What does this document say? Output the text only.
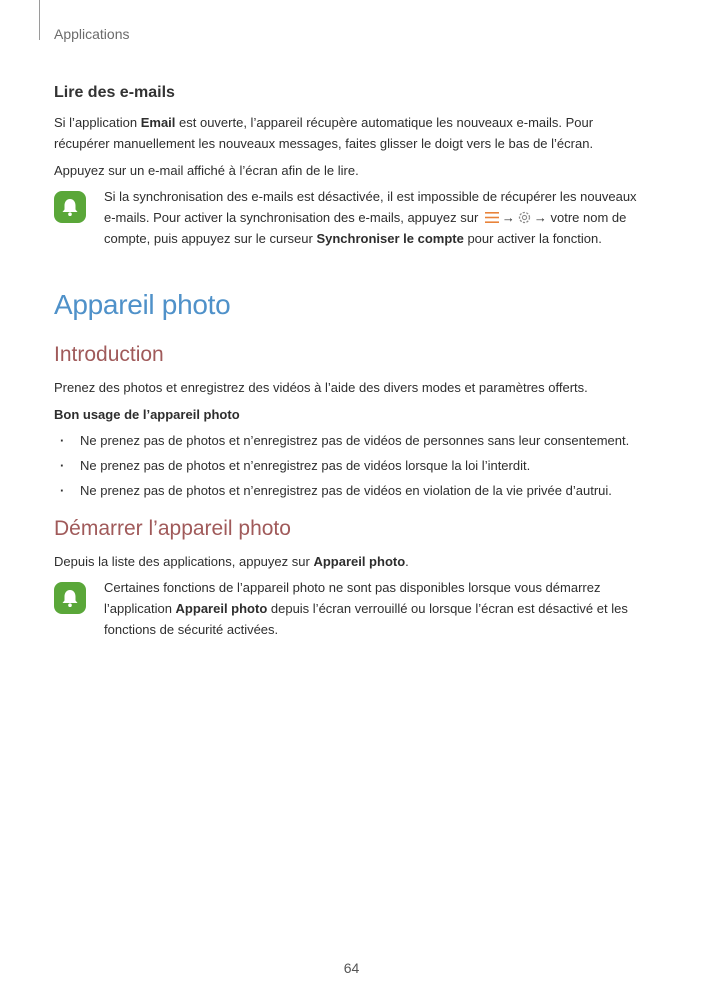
Applications
Lire des e-mails

Si l’application Email est ouverte, l’appareil récupère automatique les nouveaux e-mails. Pour récupérer manuellement les nouveaux messages, faites glisser le doigt vers le bas de l’écran.

Appuyez sur un e-mail affiché à l’écran afin de le lire.

Si la synchronisation des e-mails est désactivée, il est impossible de récupérer les nouveaux e-mails. Pour activer la synchronisation des e-mails, appuyez sur → → votre nom de compte, puis appuyez sur le curseur Synchroniser le compte pour activer la fonction.

Appareil photo
Introduction

Prenez des photos et enregistrez des vidéos à l’aide des divers modes et paramètres offerts.

Bon usage de l’appareil photo

· Ne prenez pas de photos et n’enregistrez pas de vidéos de personnes sans leur consentement.
· Ne prenez pas de photos et n’enregistrez pas de vidéos lorsque la loi l’interdit.
· Ne prenez pas de photos et n’enregistrez pas de vidéos en violation de la vie privée d’autrui.
Démarrer l’appareil photo

Depuis la liste des applications, appuyez sur Appareil photo.

Certaines fonctions de l’appareil photo ne sont pas disponibles lorsque vous démarrez l’application Appareil photo depuis l’écran verrouillé ou lorsque l’écran est désactivé et les fonctions de sécurité activées.

64
